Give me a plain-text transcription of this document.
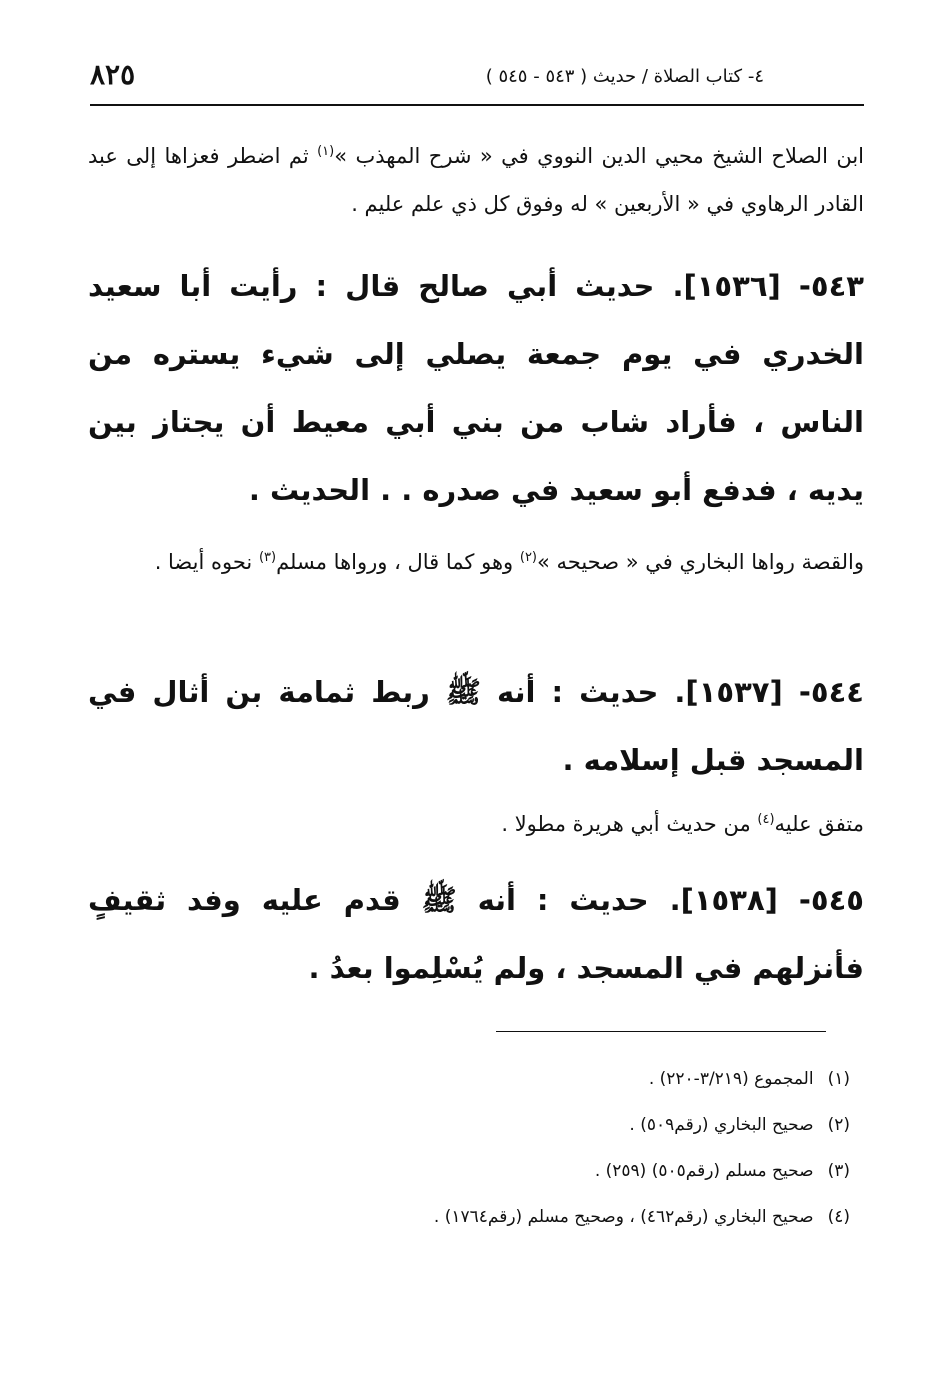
٨٢٥	٤- كتاب الصلاة / حديث ( ٥٤٣ - ٥٤٥ )
ابن الصلاح الشيخ محيي الدين النووي في « شرح المهذب »$^{(١)}$ ثم اضطر فعزاها إلى عبد القادر الرهاوي في « الأربعين » له وفوق كل ذي علم عليم .
٥٤٣- [١٥٣٦]. حديث أبي صالح قال : رأيت أبا سعيد الخدري في يوم جمعة يصلي إلى شيء يستره من الناس ، فأراد شاب من بني أبي معيط أن يجتاز بين يديه ، فدفع أبو سعيد في صدره . . الحديث .
والقصة رواها البخاري في « صحيحه »$^{(٢)}$ وهو كما قال ، ورواها مسلم$^{(٣)}$ نحوه أيضا .
٥٤٤- [١٥٣٧]. حديث : أنه ﷺ ربط ثمامة بن أثال في المسجد قبل إسلامه .
متفق عليه$^{(٤)}$ من حديث أبي هريرة مطولا .
٥٤٥- [١٥٣٨]. حديث : أنه ﷺ قدم عليه وفد ثقيفٍ فأنزلهم في المسجد ، ولم يُسْلِموا بعدُ .
(١)المجموع (٣/٢١٩-٢٢٠) .
(٢)صحيح البخاري (رقم٥٠٩) .
(٣)صحيح مسلم (رقم٥٠٥) (٢٥٩) .
(٤)صحيح البخاري (رقم٤٦٢) ، وصحيح مسلم (رقم١٧٦٤) .
